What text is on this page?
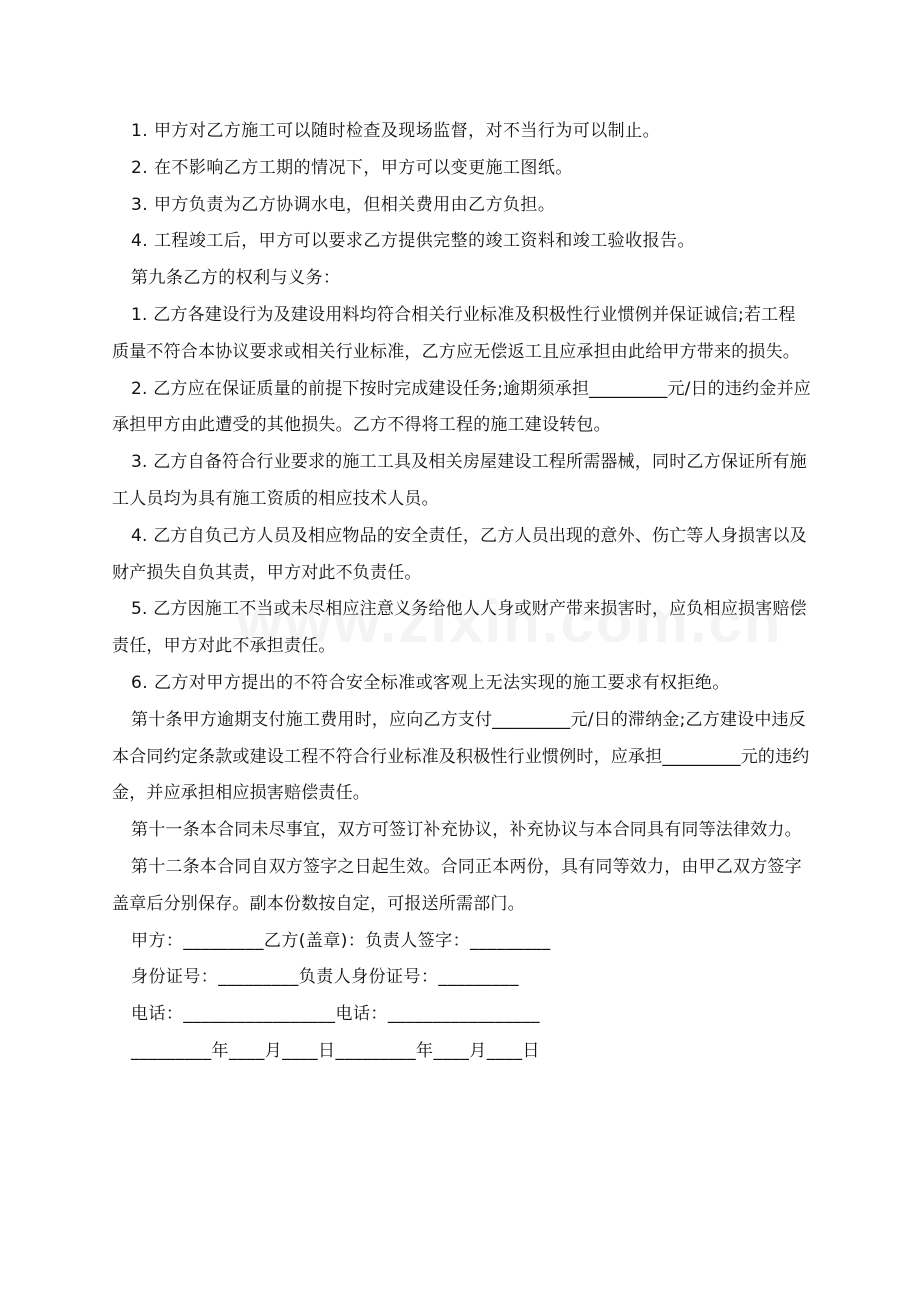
1. 甲方对乙方施工可以随时检查及现场监督，对不当行为可以制止。

2. 在不影响乙方工期的情况下，甲方可以变更施工图纸。

3. 甲方负责为乙方协调水电，但相关费用由乙方负担。

4. 工程竣工后，甲方可以要求乙方提供完整的竣工资料和竣工验收报告。

第九条乙方的权利与义务：

1. 乙方各建设行为及建设用料均符合相关行业标准及积极性行业惯例并保证诚信;若工程质量不符合本协议要求或相关行业标准，乙方应无偿返工且应承担由此给甲方带来的损失。

2. 乙方应在保证质量的前提下按时完成建设任务;逾期须承担_________元/日的违约金并应承担甲方由此遭受的其他损失。乙方不得将工程的施工建设转包。

3. 乙方自备符合行业要求的施工工具及相关房屋建设工程所需器械，同时乙方保证所有施工人员均为具有施工资质的相应技术人员。

4. 乙方自负己方人员及相应物品的安全责任，乙方人员出现的意外、伤亡等人身损害以及财产损失自负其责，甲方对此不负责任。

5. 乙方因施工不当或未尽相应注意义务给他人人身或财产带来损害时，应负相应损害赔偿责任，甲方对此不承担责任。

6. 乙方对甲方提出的不符合安全标准或客观上无法实现的施工要求有权拒绝。

第十条甲方逾期支付施工费用时，应向乙方支付_________元/日的滞纳金;乙方建设中违反本合同约定条款或建设工程不符合行业标准及积极性行业惯例时，应承担_________元的违约金，并应承担相应损害赔偿责任。

第十一条本合同未尽事宜，双方可签订补充协议，补充协议与本合同具有同等法律效力。

第十二条本合同自双方签字之日起生效。合同正本两份，具有同等效力，由甲乙双方签字盖章后分别保存。副本份数按自定，可报送所需部门。

甲方：_________乙方(盖章)：负责人签字：_________

身份证号：_________负责人身份证号：_________

电话：_________________电话：_________________

_________年____月____日_________年____月____日
